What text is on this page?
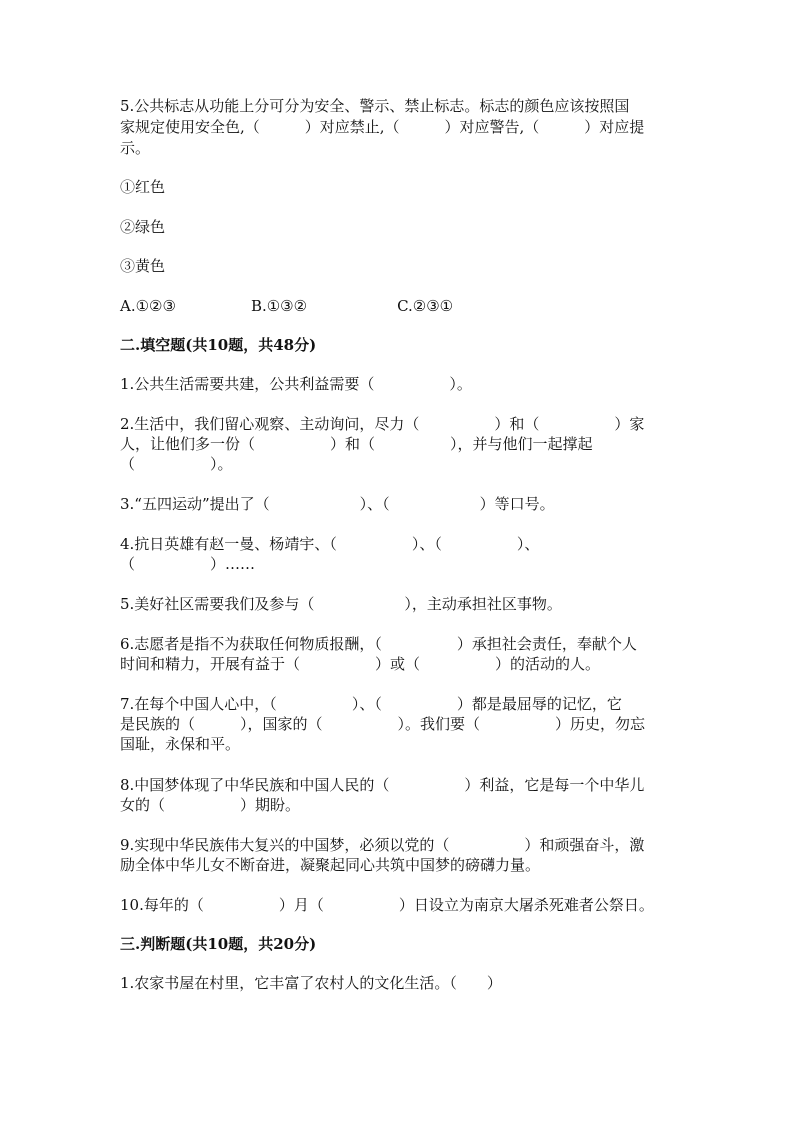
5.公共标志从功能上分可分为安全、警示、禁止标志。标志的颜色应该按照国
家规定使用安全色,（　　　）对应禁止,（　　　）对应警告,（　　　）对应提
示。
①红色
②绿色
③黄色
A.①②③　　　　　B.①③②　　　　　　C.②③①
二.填空题(共10题，共48分)
1.公共生活需要共建，公共利益需要（　　　　　）。
2.生活中，我们留心观察、主动询问，尽力（　　　　　）和（　　　　　）家
人，让他们多一份（　　　　　）和（　　　　　），并与他们一起撑起
（　　　　　）。
3.“五四运动”提出了（　　　　　　）、（　　　　　　）等口号。
4.抗日英雄有赵一曼、杨靖宇、（　　　　　）、（　　　　　）、
（　　　　　）……
5.美好社区需要我们及参与（　　　　　　），主动承担社区事物。
6.志愿者是指不为获取任何物质报酬，（　　　　　）承担社会责任，奉献个人
时间和精力，开展有益于（　　　　　）或（　　　　　）的活动的人。
7.在每个中国人心中，（　　　　　）、（　　　　　）都是最屈辱的记忆，它
是民族的（　　　），国家的（　　　　　）。我们要（　　　　　）历史，勿忘
国耻，永保和平。
8.中国梦体现了中华民族和中国人民的（　　　　　）利益，它是每一个中华儿
女的（　　　　　）期盼。
9.实现中华民族伟大复兴的中国梦，必须以党的（　　　　　）和顽强奋斗，激
励全体中华儿女不断奋进，凝聚起同心共筑中国梦的磅礴力量。
10.每年的（　　　　　）月（　　　　　）日设立为南京大屠杀死难者公祭日。
三.判断题(共10题，共20分)
1.农家书屋在村里，它丰富了农村人的文化生活。（　　）
